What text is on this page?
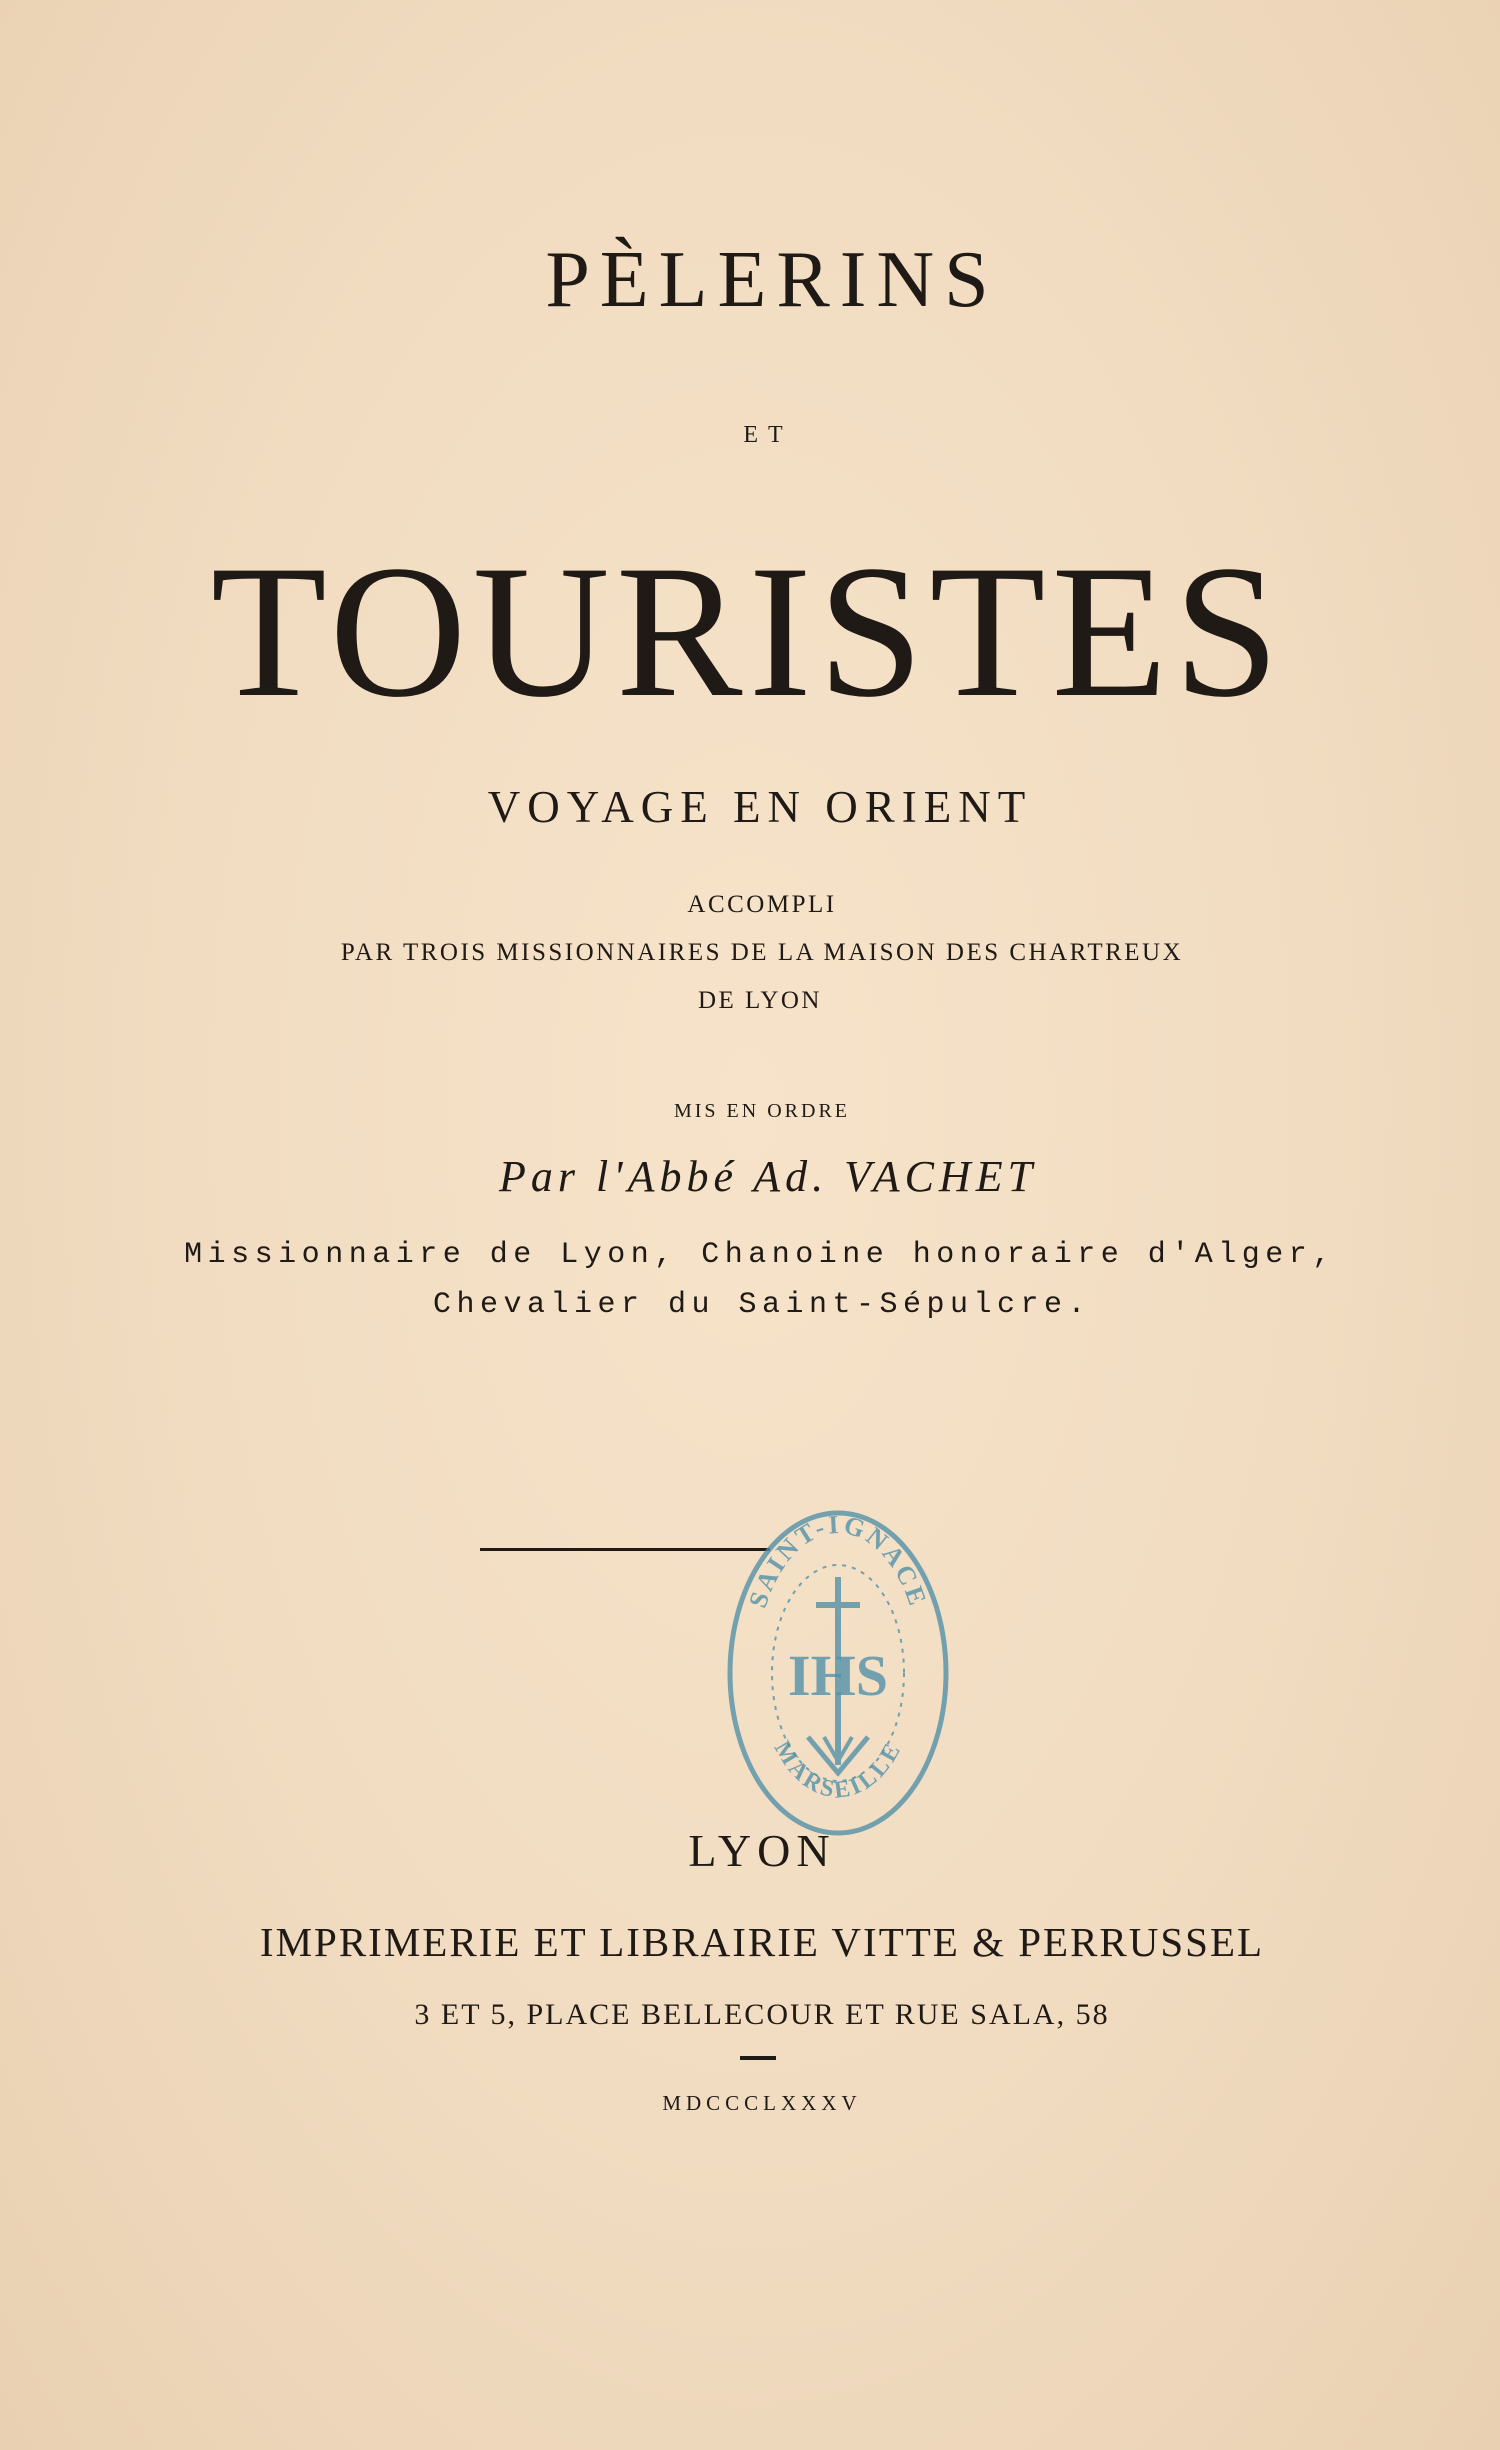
PÈLERINS
ET
TOURISTES
VOYAGE EN ORIENT
ACCOMPLI
PAR TROIS MISSIONNAIRES DE LA MAISON DES CHARTREUX
DE LYON
MIS EN ORDRE
Par l'Abbé Ad. VACHET
Missionnaire de Lyon, Chanoine honoraire d'Alger,
Chevalier du Saint-Sépulcre.
SAINT-IGNACE
MARSEILLE
IHS
LYON
IMPRIMERIE ET LIBRAIRIE VITTE & PERRUSSEL
3 ET 5, PLACE BELLECOUR ET RUE SALA, 58
MDCCCLXXXV
